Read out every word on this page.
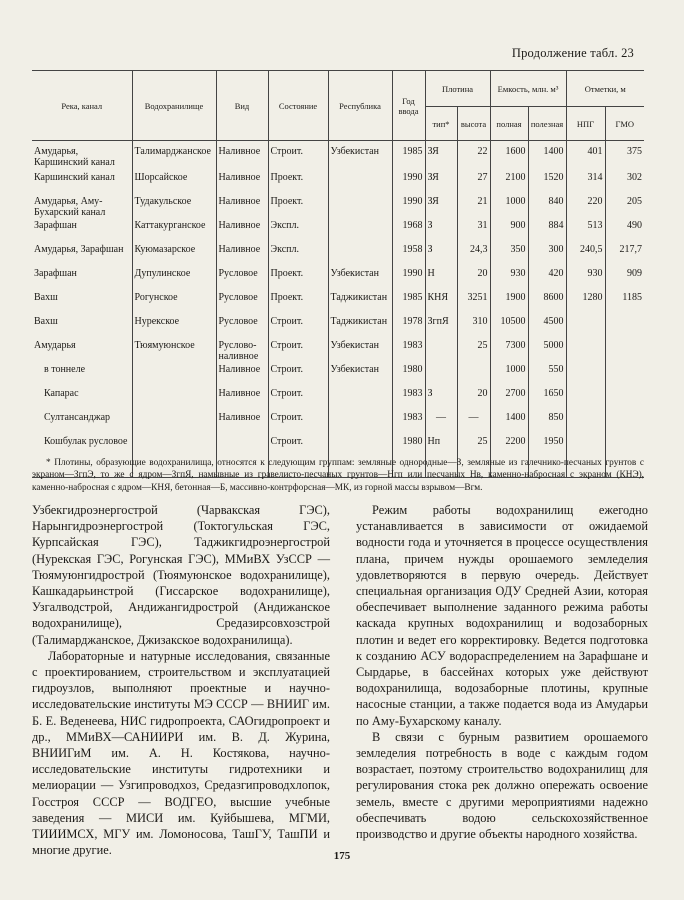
Продолжение табл. 23
Река, канал	Водохранилище	Вид	Состояние	Республика	Год ввода	Плотина		Емкость, млн. м³		Отметки, м	
						тип*	высота	полная	полезная	НПГ	ГМО
Амударья, Каршинский канал	Талимарджанское	Наливное	Строит.	Узбекистан	1985	ЗЯ	22	1600	1400	401	375
Каршинский канал	Шорсайское	Наливное	Проект.		1990	ЗЯ	27	2100	1520	314	302
Амударья, Аму-Бухарский канал	Тудакульское	Наливное	Проект.		1990	ЗЯ	21	1000	840	220	205
Зарафшан	Каттакурганское	Наливное	Экспл.		1968	З	31	900	884	513	490
Амударья, Зарафшан	Куюмазарское	Наливное	Экспл.		1958	З	24,3	350	300	240,5	217,7
Зарафшан	Дупулинское	Русловое	Проект.	Узбекистан	1990	Н	20	930	420	930	909
Вахш	Рогунское	Русловое	Проект.	Таджикистан	1985	КНЯ	3251	1900	8600	1280	1185
Вахш	Нурекское	Русловое	Строит.	Таджикистан	1978	ЗгпЯ	310	10500	4500		
Амударья	Тюямуюнское	Руслово-наливное	Строит.	Узбекистан	1983		25	7300	5000		
в тоннеле		Наливное	Строит.	Узбекистан	1980			1000	550		
Капарас		Наливное	Строит.		1983	З	20	2700	1650		
Султансанджар		Наливное	Строит.		1983	—	—	1400	850		
Кошбулак русловое			Строит.		1980	Нп	25	2200	1950		
* Плотины, образующие водохранилища, относятся к следующим группам: земляные однородные—З, земляные из галечнико-песчаных грунтов с экраном—ЗгпЭ, то же с ядром—ЗгпЯ, намывные из гравелисто-песчаных грунтов—Нгп или песчаных Нв, каменно-набросная с экраном (КНЭ), каменно-набросная с ядром—КНЯ, бетонная—Б, массивно-контрфорсная—МК, из горной массы взрывом—Вгм.

Узбекгидроэнергострой (Чарвакская ГЭС), Нарынгидроэнергострой (Токтогульская ГЭС, Курпсайская ГЭС), Таджикгидроэнергострой (Нурекская ГЭС, Рогунская ГЭС), ММиВХ УзССР — Тюямуюнгидрострой (Тюямуюнское водохранилище), Кашкадарьинстрой (Гиссарское водохранилище), Узгалводстрой, Андижангидрострой (Андижанское водохранилище), Средазирсовхозстрой (Талимарджанское, Джизакское водохранилища).

Лабораторные и натурные исследования, связанные с проектированием, строительством и эксплуатацией гидроузлов, выполняют проектные и научно-исследовательские институты МЭ СССР — ВНИИГ им. Б. Е. Веденеева, НИС гидропроекта, САОгидропроект и др., ММиВХ—САНИИРИ им. В. Д. Журина, ВНИИГиМ им. А. Н. Костякова, научно-исследовательские институты гидротехники и мелиорации — Узгипроводхоз, Средазгипроводхлопок, Госстроя СССР — ВОДГЕО, высшие учебные заведения — МИСИ им. Куйбышева, МГМИ, ТИИИМСХ, МГУ им. Ломоносова, ТашГУ, ТашПИ и многие другие.

Режим работы водохранилищ ежегодно устанавливается в зависимости от ожидаемой водности года и уточняется в процессе осуществления плана, причем нужды орошаемого земледелия удовлетворяются в первую очередь. Действует специальная организация ОДУ Средней Азии, которая обеспечивает выполнение заданного режима работы каскада крупных водохранилищ и водозаборных плотин и ведет его корректировку. Ведется подготовка к созданию АСУ водораспределением на Зарафшане и Сырдарье, в бассейнах которых уже действуют водохранилища, водозаборные плотины, крупные насосные станции, а также подается вода из Амударьи по Аму-Бухарскому каналу.

В связи с бурным развитием орошаемого земледелия потребность в воде с каждым годом возрастает, поэтому строительство водохранилищ для регулирования стока рек должно опережать освоение земель, вместе с другими мероприятиями надежно обеспечивать водою сельскохозяйственное производство и другие объекты народного хозяйства.

175
